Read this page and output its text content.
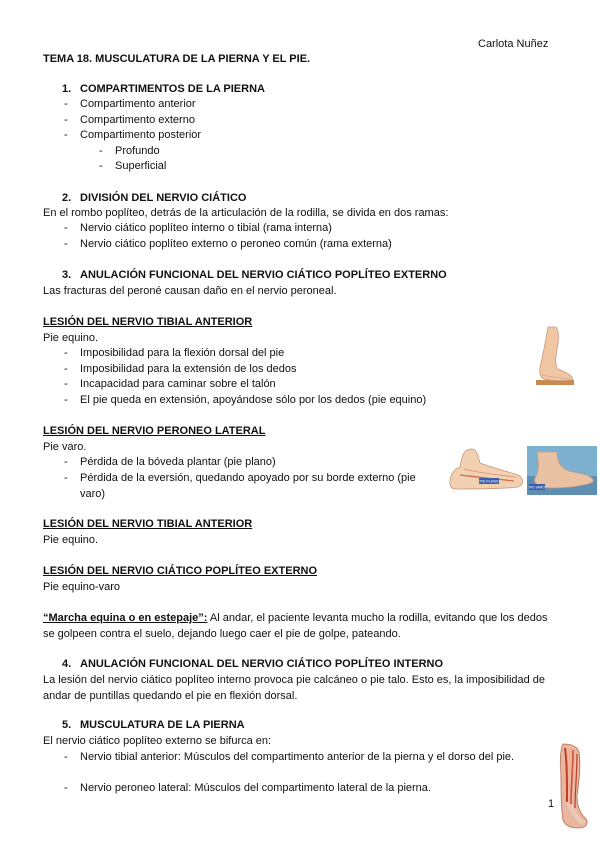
Carlota Nuñez
TEMA 18. MUSCULATURA DE LA PIERNA Y EL PIE.
1. COMPARTIMENTOS DE LA PIERNA
- Compartimento anterior
- Compartimento externo
- Compartimento posterior
- Profundo
- Superficial
2. DIVISIÓN DEL NERVIO CIÁTICO
En el rombo poplíteo, detrás de la articulación de la rodilla, se divida en dos ramas:
- Nervio ciático poplíteo interno o tibial (rama interna)
- Nervio ciático poplíteo externo o peroneo común (rama externa)
3. ANULACIÓN FUNCIONAL DEL NERVIO CIÁTICO POPLÍTEO EXTERNO
Las fracturas del peroné causan daño en el nervio peroneal.
LESIÓN DEL NERVIO TIBIAL ANTERIOR
Pie equino.
- Imposibilidad para la flexión dorsal del pie
- Imposibilidad para la extensión de los dedos
- Incapacidad para caminar sobre el talón
- El pie queda en extensión, apoyándose sólo por los dedos (pie equino)
LESIÓN DEL NERVIO PERONEO LATERAL
Pie varo.
- Pérdida de la bóveda plantar (pie plano)
- Pérdida de la eversión, quedando apoyado por su borde externo (pie varo)
PIE PLANO
PIE VARO
LESIÓN DEL NERVIO TIBIAL ANTERIOR
Pie equino.
LESIÓN DEL NERVIO CIÁTICO POPLÍTEO EXTERNO
Pie equino-varo
“Marcha equina o en estepaje”: Al andar, el paciente levanta mucho la rodilla, evitando que los dedos se golpeen contra el suelo, dejando luego caer el pie de golpe, pateando.
4. ANULACIÓN FUNCIONAL DEL NERVIO CIÁTICO POPLÍTEO INTERNO
La lesión del nervio ciático poplíteo interno provoca pie calcáneo o pie talo. Esto es, la imposibilidad de andar de puntillas quedando el pie en flexión dorsal.
5. MUSCULATURA DE LA PIERNA
El nervio ciático poplíteo externo se bifurca en:
- Nervio tibial anterior: Músculos del compartimento anterior de la pierna y el dorso del pie.
- Nervio peroneo lateral: Músculos del compartimento lateral de la pierna.
1
